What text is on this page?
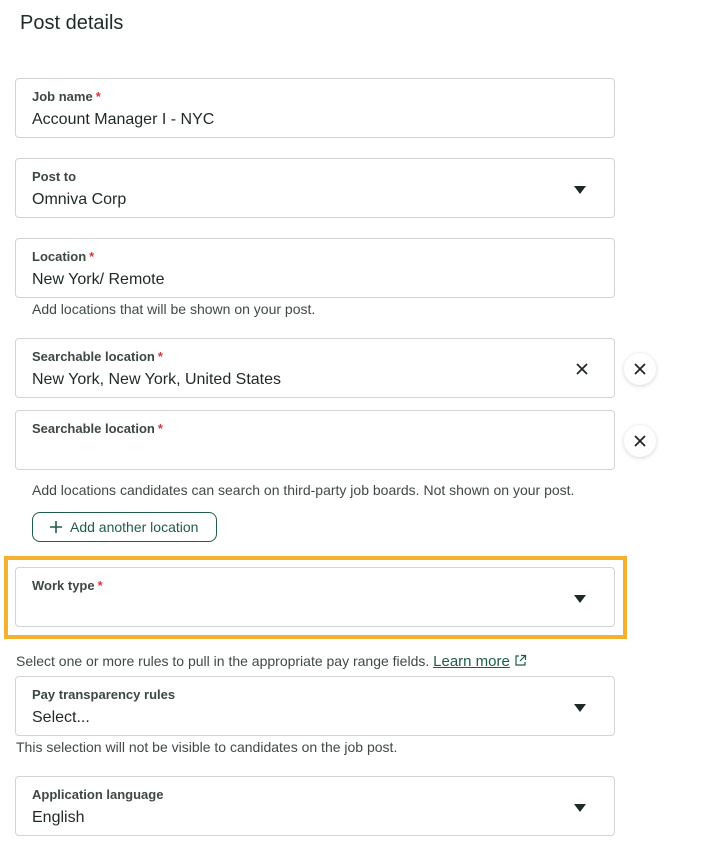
Post details
Job name *
Account Manager I - NYC
Post to
Omniva Corp
Location *
New York/ Remote
Add locations that will be shown on your post.
Searchable location *
New York, New York, United States
Searchable location *
Add locations candidates can search on third-party job boards. Not shown on your post.
Add another location
Work type *
Select one or more rules to pull in the appropriate pay range fields. Learn more
Pay transparency rules
Select...
This selection will not be visible to candidates on the job post.
Application language
English
